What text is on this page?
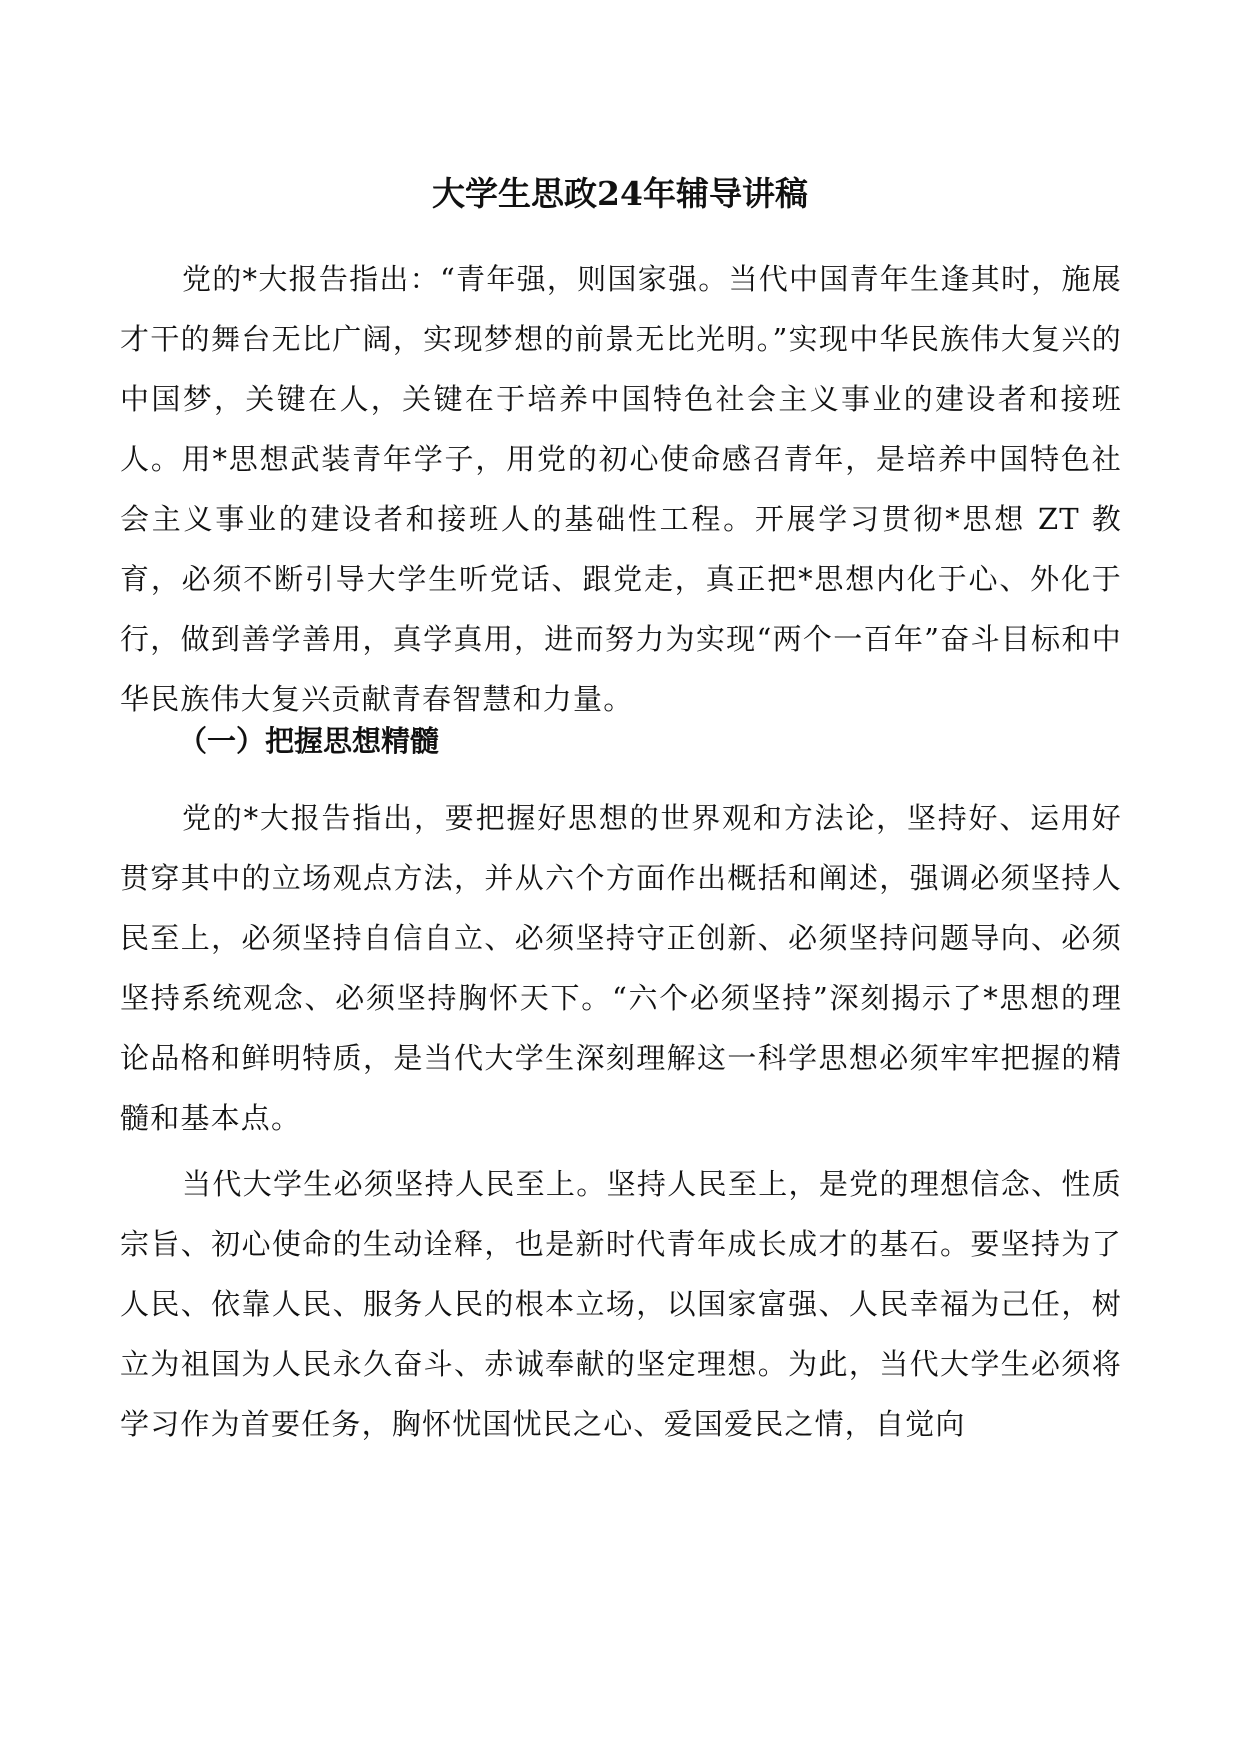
大学生思政24年辅导讲稿

党的*大报告指出：“青年强，则国家强。当代中国青年生逢其时，施展才干的舞台无比广阔，实现梦想的前景无比光明。”实现中华民族伟大复兴的中国梦，关键在人，关键在于培养中国特色社会主义事业的建设者和接班人。用*思想武装青年学子，用党的初心使命感召青年，是培养中国特色社会主义事业的建设者和接班人的基础性工程。开展学习贯彻*思想 ZT 教育，必须不断引导大学生听党话、跟党走，真正把*思想内化于心、外化于行，做到善学善用，真学真用，进而努力为实现“两个一百年”奋斗目标和中华民族伟大复兴贡献青春智慧和力量。

（一）把握思想精髓

党的*大报告指出，要把握好思想的世界观和方法论，坚持好、运用好贯穿其中的立场观点方法，并从六个方面作出概括和阐述，强调必须坚持人民至上，必须坚持自信自立、必须坚持守正创新、必须坚持问题导向、必须坚持系统观念、必须坚持胸怀天下。“六个必须坚持”深刻揭示了*思想的理论品格和鲜明特质，是当代大学生深刻理解这一科学思想必须牢牢把握的精髓和基本点。

当代大学生必须坚持人民至上。坚持人民至上，是党的理想信念、性质宗旨、初心使命的生动诠释，也是新时代青年成长成才的基石。要坚持为了人民、依靠人民、服务人民的根本立场，以国家富强、人民幸福为己任，树立为祖国为人民永久奋斗、赤诚奉献的坚定理想。为此，当代大学生必须将学习作为首要任务，胸怀忧国忧民之心、爱国爱民之情，自觉向
